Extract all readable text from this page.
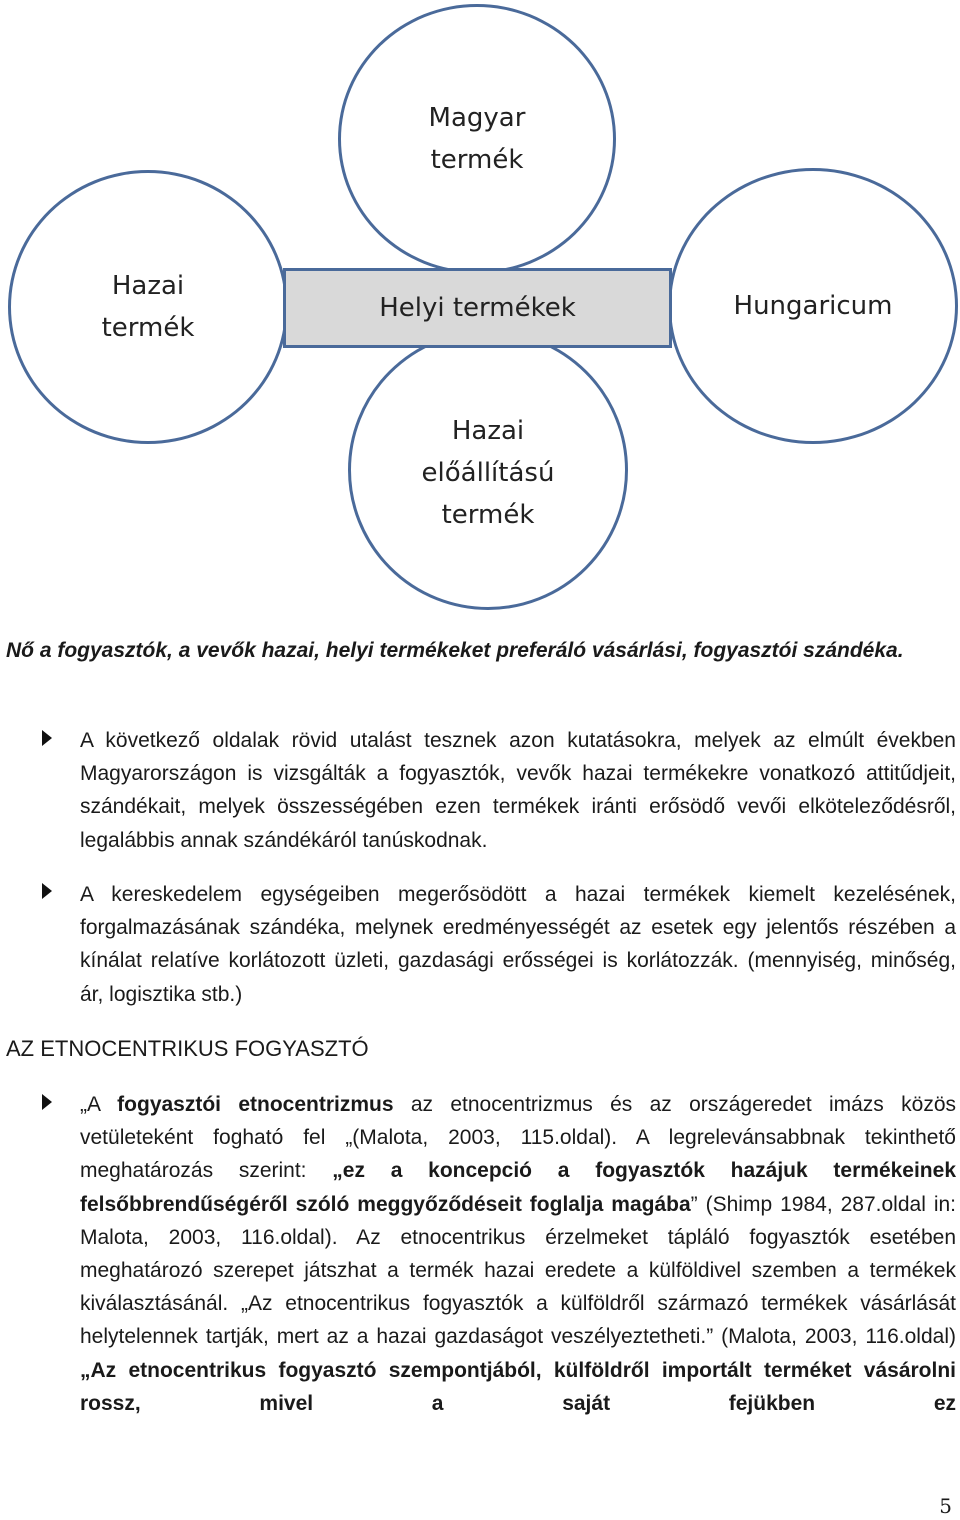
Magyar
termék
Hazai
termék
Hungaricum
Hazai
előállítású
termék
Helyi termékek
Nő a fogyasztók, a vevők hazai, helyi termékeket preferáló vásárlási, fogyasztói szándéka.
A következő oldalak rövid utalást tesznek azon kutatásokra, melyek az elmúlt években Magyarországon is vizsgálták a fogyasztók, vevők hazai termékekre vonatkozó attitűdjeit, szándékait, melyek összességében ezen termékek iránti erősödő vevői elköteleződésről, legalábbis annak szándékáról tanúskodnak.
A kereskedelem egységeiben megerősödött a hazai termékek kiemelt kezelésének, forgalmazásának szándéka, melynek eredményességét az esetek egy jelentős részében a kínálat relatíve korlátozott üzleti, gazdasági erősségei is korlátozzák. (mennyiség, minőség, ár, logisztika stb.)
AZ ETNOCENTRIKUS FOGYASZTÓ
„A fogyasztói etnocentrizmus az etnocentrizmus és az országeredet imázs közös vetületeként fogható fel „(Malota, 2003, 115.oldal). A legrelevánsabbnak tekinthető meghatározás szerint: „ez a koncepció a fogyasztók hazájuk termékeinek felsőbbrendűségéről szóló meggyőződéseit foglalja magába” (Shimp 1984, 287.oldal in: Malota, 2003, 116.oldal). Az etnocentrikus érzelmeket tápláló fogyasztók esetében meghatározó szerepet játszhat a termék hazai eredete a külföldivel szemben a termékek kiválasztásánál. „Az etnocentrikus fogyasztók a külföldről származó termékek vásárlását helytelennek tartják, mert az a hazai gazdaságot veszélyeztetheti.” (Malota, 2003, 116.oldal) „Az etnocentrikus fogyasztó szempontjából, külföldről importált terméket vásárolni rossz, mivel a saját fejükben ez
5
